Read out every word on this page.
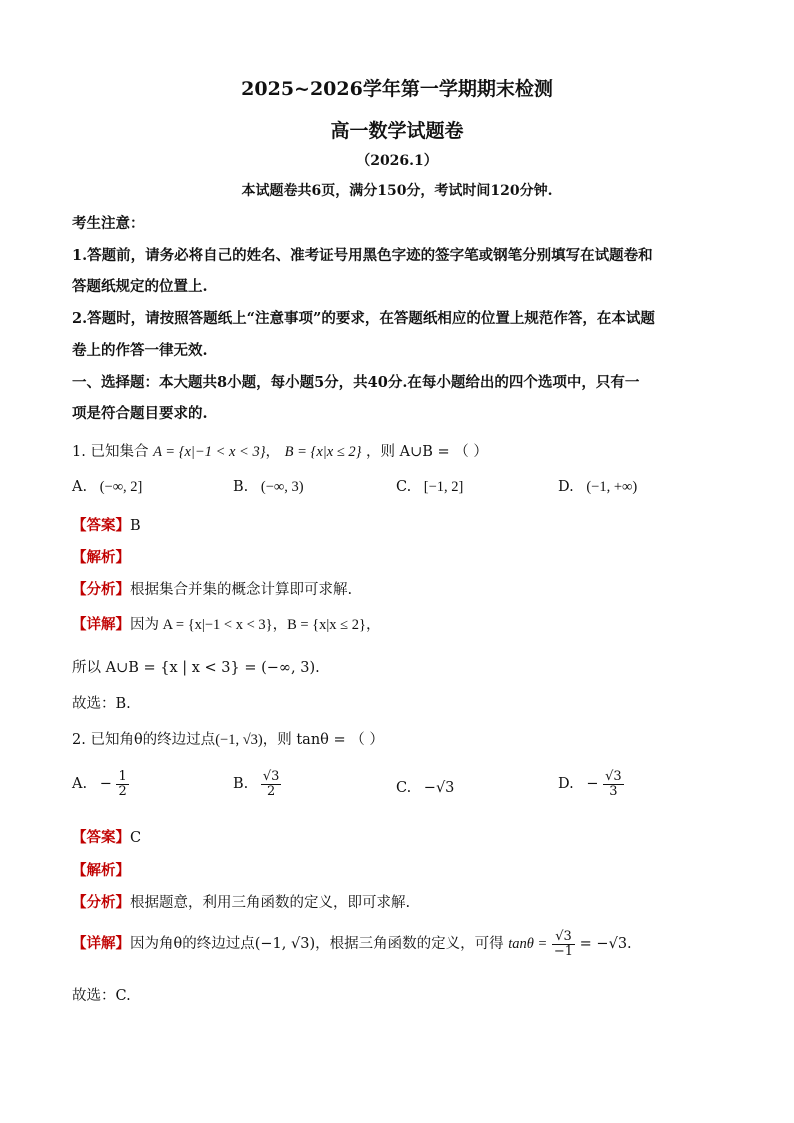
2025~2026学年第一学期期末检测
高一数学试题卷
（2026.1）
本试题卷共6页，满分150分，考试时间120分钟.
考生注意：
1.答题前，请务必将自己的姓名、准考证号用黑色字迹的签字笔或钢笔分别填写在试题卷和
答题纸规定的位置上.
2.答题时，请按照答题纸上“注意事项”的要求，在答题纸相应的位置上规范作答，在本试题
卷上的作答一律无效.
一、选择题：本大题共8小题，每小题5分，共40分.在每小题给出的四个选项中，只有一
项是符合题目要求的.
1. 已知集合 A = {x|−1 < x < 3}， B = {x|x ≤ 2} ，则 A∪B = （ ）
A. (−∞, 2]	B. (−∞, 3)	C. [−1, 2]	D. (−1, +∞)
【答案】B
【解析】
【分析】根据集合并集的概念计算即可求解.
【详解】因为 A = {x|−1 < x < 3}，B = {x|x ≤ 2}，
所以 A∪B = {x | x < 3} = (−∞, 3).
故选：B.
2. 已知角θ的终边过点(−1, √3)，则 tanθ = （ ）
A. − $\frac{1}{2}$	B. $\frac{√3}{2}$	C. −√3	D. − $\frac{√3}{3}$
【答案】C
【解析】
【分析】根据题意，利用三角函数的定义，即可求解.
【详解】因为角θ的终边过点(−1, √3)，根据三角函数的定义，可得 $\tan\theta = \frac{√3}{-1} = -√3$.
故选：C.
